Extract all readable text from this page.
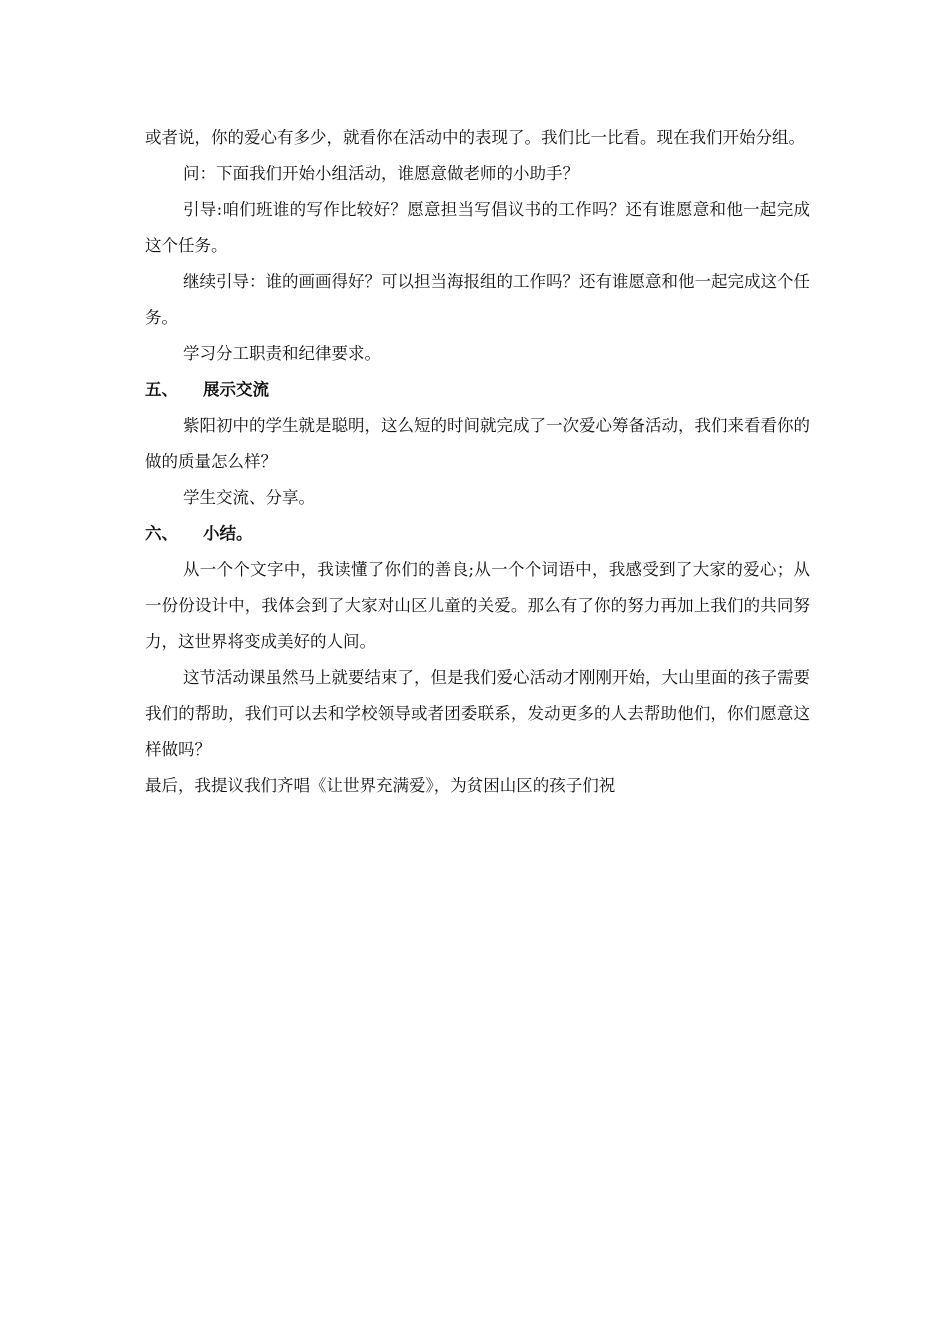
或者说，你的爱心有多少，就看你在活动中的表现了。我们比一比看。现在我们开始分组。

问：下面我们开始小组活动，谁愿意做老师的小助手？

引导:咱们班谁的写作比较好？愿意担当写倡议书的工作吗？还有谁愿意和他一起完成这个任务。

继续引导：谁的画画得好？可以担当海报组的工作吗？还有谁愿意和他一起完成这个任务。

学习分工职责和纪律要求。

五、	展示交流

紫阳初中的学生就是聪明，这么短的时间就完成了一次爱心筹备活动，我们来看看你的做的质量怎么样？

学生交流、分享。

六、	小结。

从一个个文字中，我读懂了你们的善良;从一个个词语中，我感受到了大家的爱心；从一份份设计中，我体会到了大家对山区儿童的关爱。那么有了你的努力再加上我们的共同努力，这世界将变成美好的人间。

这节活动课虽然马上就要结束了，但是我们爱心活动才刚刚开始，大山里面的孩子需要我们的帮助，我们可以去和学校领导或者团委联系，发动更多的人去帮助他们，你们愿意这样做吗？

最后，我提议我们齐唱《让世界充满爱》，为贫困山区的孩子们祝
